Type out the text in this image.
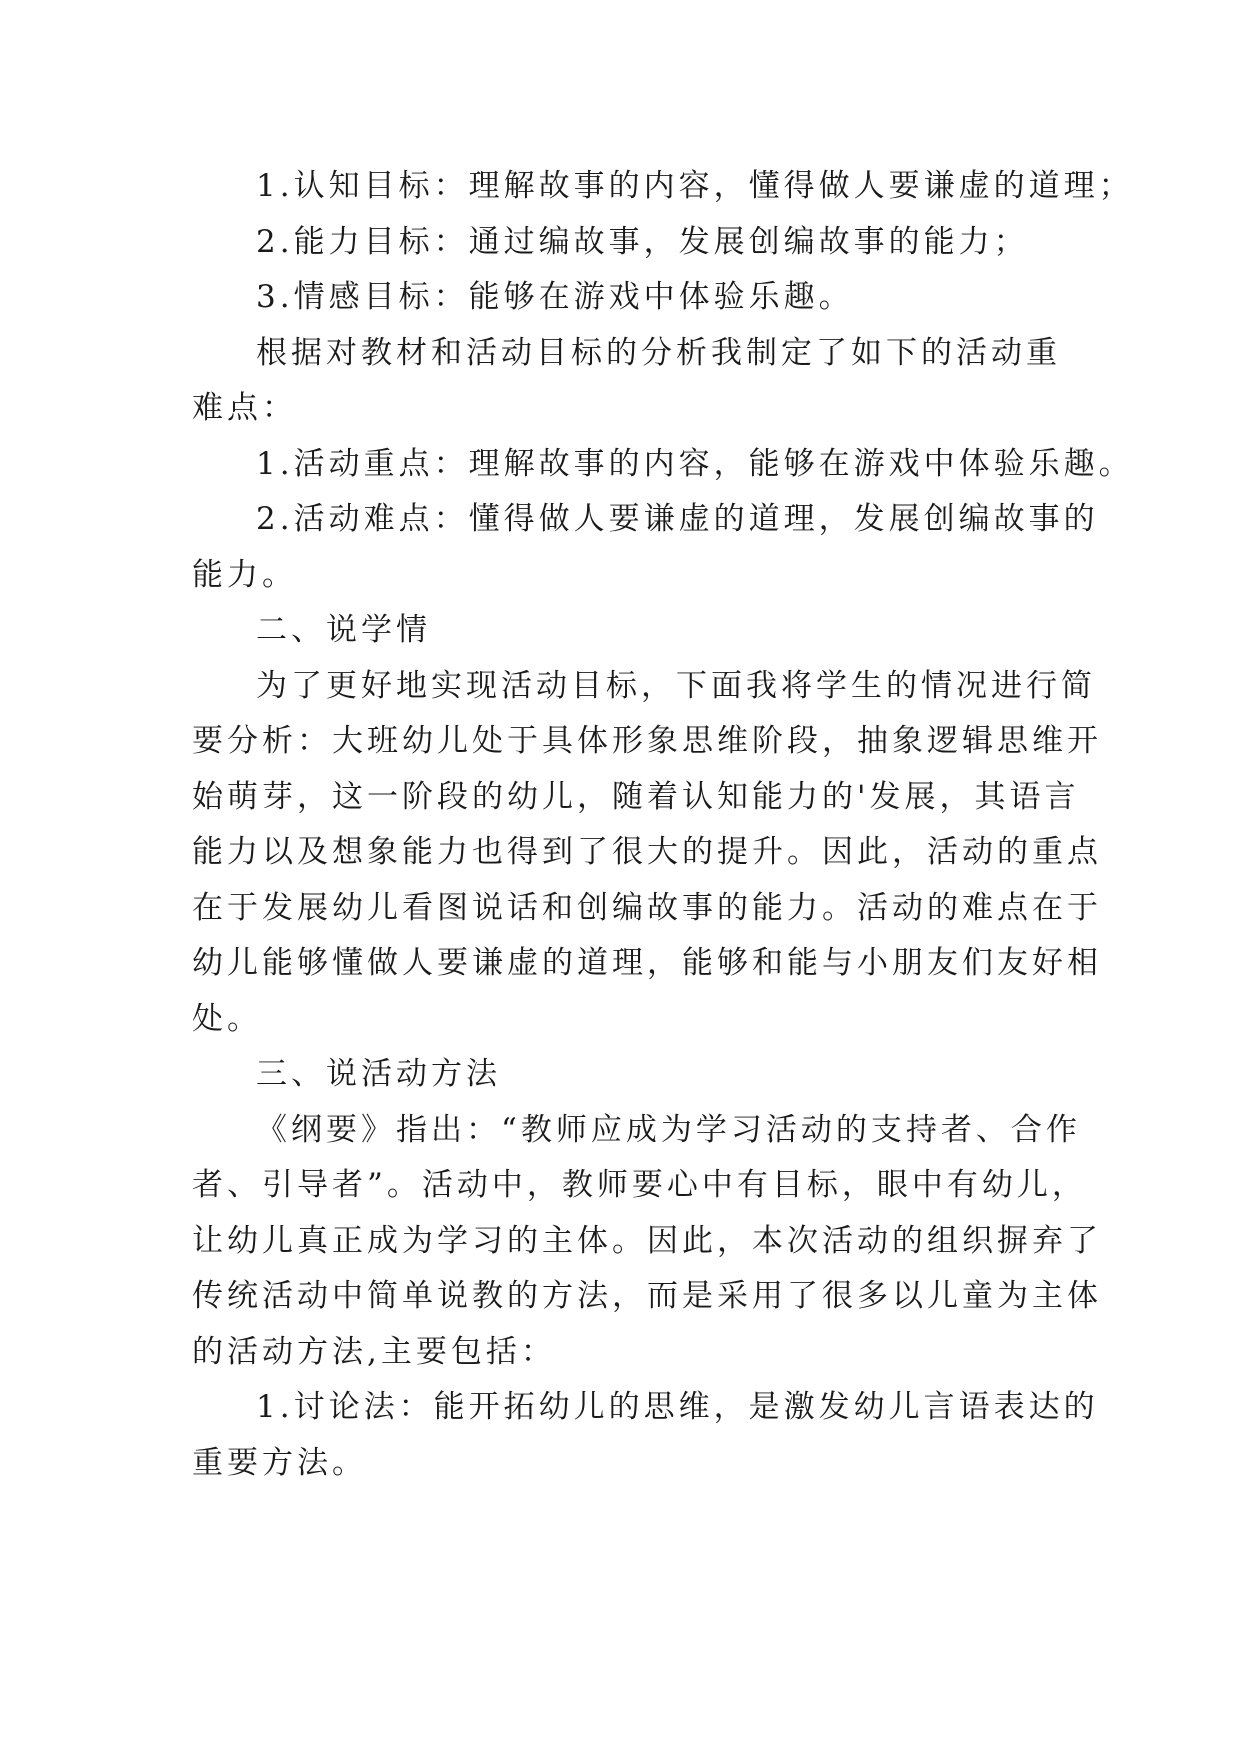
1.认知目标：理解故事的内容，懂得做人要谦虚的道理；

2.能力目标：通过编故事，发展创编故事的能力；

3.情感目标：能够在游戏中体验乐趣。

根据对教材和活动目标的分析我制定了如下的活动重

难点：

1.活动重点：理解故事的内容，能够在游戏中体验乐趣。

2.活动难点：懂得做人要谦虚的道理，发展创编故事的

能力。

二、说学情

为了更好地实现活动目标，下面我将学生的情况进行简

要分析：大班幼儿处于具体形象思维阶段，抽象逻辑思维开

始萌芽，这一阶段的幼儿，随着认知能力的'发展，其语言

能力以及想象能力也得到了很大的提升。因此，活动的重点

在于发展幼儿看图说话和创编故事的能力。活动的难点在于

幼儿能够懂做人要谦虚的道理，能够和能与小朋友们友好相

处。

三、说活动方法

《纲要》指出：“教师应成为学习活动的支持者、合作

者、引导者”。活动中，教师要心中有目标，眼中有幼儿，

让幼儿真正成为学习的主体。因此，本次活动的组织摒弃了

传统活动中简单说教的方法，而是采用了很多以儿童为主体

的活动方法,主要包括：

1.讨论法：能开拓幼儿的思维，是激发幼儿言语表达的

重要方法。
